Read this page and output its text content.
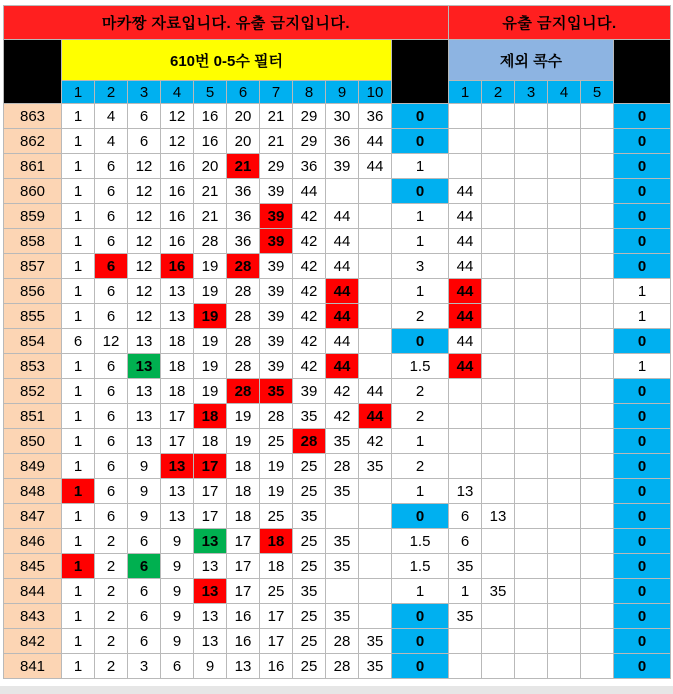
마카짱 자료입니다. 유출 금지입니다.												유출 금지입니다.					
회차	610번 0-5수 필터										결과	제외 콕수					결과
	1	2	3	4	5	6	7	8	9	10		1	2	3	4	5	
863	1	4	6	12	16	20	21	29	30	36	0						0
862	1	4	6	12	16	20	21	29	36	44	0						0
861	1	6	12	16	20	21	29	36	39	44	1						0
860	1	6	12	16	21	36	39	44			0	44					0
859	1	6	12	16	21	36	39	42	44		1	44					0
858	1	6	12	16	28	36	39	42	44		1	44					0
857	1	6	12	16	19	28	39	42	44		3	44					0
856	1	6	12	13	19	28	39	42	44		1	44					1
855	1	6	12	13	19	28	39	42	44		2	44					1
854	6	12	13	18	19	28	39	42	44		0	44					0
853	1	6	13	18	19	28	39	42	44		1.5	44					1
852	1	6	13	18	19	28	35	39	42	44	2						0
851	1	6	13	17	18	19	28	35	42	44	2						0
850	1	6	13	17	18	19	25	28	35	42	1						0
849	1	6	9	13	17	18	19	25	28	35	2						0
848	1	6	9	13	17	18	19	25	35		1	13					0
847	1	6	9	13	17	18	25	35			0	6	13				0
846	1	2	6	9	13	17	18	25	35		1.5	6					0
845	1	2	6	9	13	17	18	25	35		1.5	35					0
844	1	2	6	9	13	17	25	35			1	1	35				0
843	1	2	6	9	13	16	17	25	35		0	35					0
842	1	2	6	9	13	16	17	25	28	35	0						0
841	1	2	3	6	9	13	16	25	28	35	0						0
